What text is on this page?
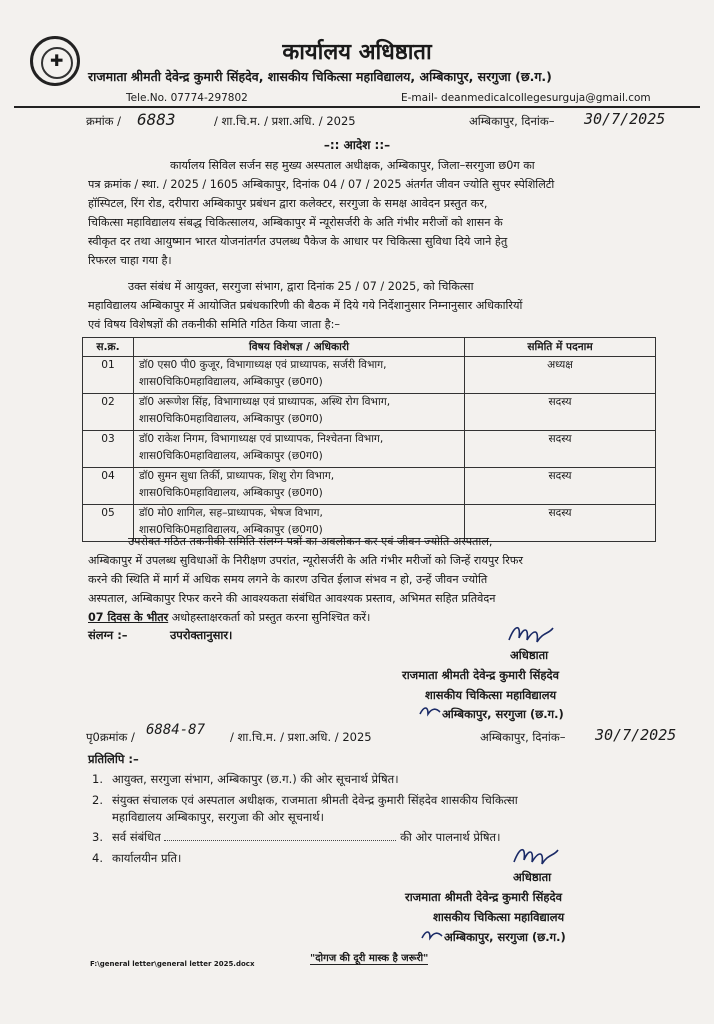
✚	कार्यालय अधिष्ठाता
राजमाता श्रीमती देवेन्द्र कुमारी सिंहदेव, शासकीय चिकित्सा महाविद्यालय, अम्बिकापुर, सरगुजा (छ.ग.)
Tele.No. 07774-297802	E-mail- deanmedicalcollegesurguja@gmail.com
क्रमांक / 6883	/ शा.चि.म. / प्रशा.अधि. / 2025	अम्बिकापुर, दिनांक– 30/7/2025
–:: आदेश ::–
कार्यालय सिविल सर्जन सह मुख्य अस्पताल अधीक्षक, अम्बिकापुर, जिला–सरगुजा छ0ग का
पत्र क्रमांक / स्था. / 2025 / 1605 अम्बिकापुर, दिनांक 04 / 07 / 2025 अंतर्गत जीवन ज्योति सुपर स्पेशिलिटी
हॉस्पिटल, रिंग रोड, दरीपारा अम्बिकापुर प्रबंधन द्वारा कलेक्टर, सरगुजा के समक्ष आवेदन प्रस्तुत कर,
चिकित्सा महाविद्यालय संबद्ध चिकित्सालय, अम्बिकापुर में न्यूरोसर्जरी के अति गंभीर मरीजों को शासन के
स्वीकृत दर तथा आयुष्मान भारत योजनांतर्गत उपलब्ध पैकेज के आधार पर चिकित्सा सुविधा दिये जाने हेतु
रिफरल चाहा गया है।
उक्त संबंध में आयुक्त, सरगुजा संभाग, द्वारा दिनांक 25 / 07 / 2025, को चिकित्सा
महाविद्यालय अम्बिकापुर में आयोजित प्रबंधकारिणी की बैठक में दिये गये निर्देशानुसार निम्नानुसार अधिकारियों
एवं विषय विशेषज्ञों की तकनीकी समिति गठित किया जाता है:–
स.क्र.	विषय विशेषज्ञ / अधिकारी	समिति में पदनाम
01	डॉ0 एस0 पी0 कुजूर, विभागाध्यक्ष एवं प्राध्यापक, सर्जरी विभाग,
शास0चिकि0महाविद्यालय, अम्बिकापुर (छ0ग0)	अध्यक्ष
02	डॉ0 अरूणेश सिंह, विभागाध्यक्ष एवं प्राध्यापक, अस्थि रोग विभाग,
शास0चिकि0महाविद्यालय, अम्बिकापुर (छ0ग0)	सदस्य
03	डॉ0 राकेश निगम, विभागाध्यक्ष एवं प्राध्यापक, निश्चेतना विभाग,
शास0चिकि0महाविद्यालय, अम्बिकापुर (छ0ग0)	सदस्य
04	डॉ0 सुमन सुधा तिर्की, प्राध्यापक, शिशु रोग विभाग,
शास0चिकि0महाविद्यालय, अम्बिकापुर (छ0ग0)	सदस्य
05	डॉ0 मो0 शागिल, सह–प्राध्यापक, भेषज विभाग,
शास0चिकि0महाविद्यालय, अम्बिकापुर (छ0ग0)	सदस्य
उपरोक्त गठित तकनीकी समिति संलग्न पत्रों का अवलोकन कर एवं जीवन ज्योति अस्पताल,
अम्बिकापुर में उपलब्ध सुविधाओं के निरीक्षण उपरांत, न्यूरोसर्जरी के अति गंभीर मरीजों को जिन्हें रायपुर रिफर
करने की स्थिति में मार्ग में अधिक समय लगने के कारण उचित ईलाज संभव न हो, उन्हें जीवन ज्योति
अस्पताल, अम्बिकापुर रिफर करने की आवश्यकता संबंधित आवश्यक प्रस्ताव, अभिमत सहित प्रतिवेदन
07 दिवस के भीतर अधोहस्ताक्षरकर्ता को प्रस्तुत करना सुनिश्चित करें।
संलग्न :–	उपरोक्तानुसार।
अधिष्ठाता
राजमाता श्रीमती देवेन्द्र कुमारी सिंहदेव
शासकीय चिकित्सा महाविद्यालय
अम्बिकापुर, सरगुजा (छ.ग.)
पृ0क्रमांक / 6884-87 / शा.चि.म. / प्रशा.अधि. / 2025	अम्बिकापुर, दिनांक– 30/7/2025
प्रतिलिपि :–
1. आयुक्त, सरगुजा संभाग, अम्बिकापुर (छ.ग.) की ओर सूचनार्थ प्रेषित।
2. संयुक्त संचालक एवं अस्पताल अधीक्षक, राजमाता श्रीमती देवेन्द्र कुमारी सिंहदेव शासकीय चिकित्सा
महाविद्यालय अम्बिकापुर, सरगुजा की ओर सूचनार्थ।
3. सर्व संबंधित	की ओर पालनार्थ प्रेषित।
4. कार्यालयीन प्रति।
अधिष्ठाता
राजमाता श्रीमती देवेन्द्र कुमारी सिंहदेव
शासकीय चिकित्सा महाविद्यालय
अम्बिकापुर, सरगुजा (छ.ग.)
F:\general letter\general letter 2025.docx	"दोगज की दूरी मास्क है जरूरी"
